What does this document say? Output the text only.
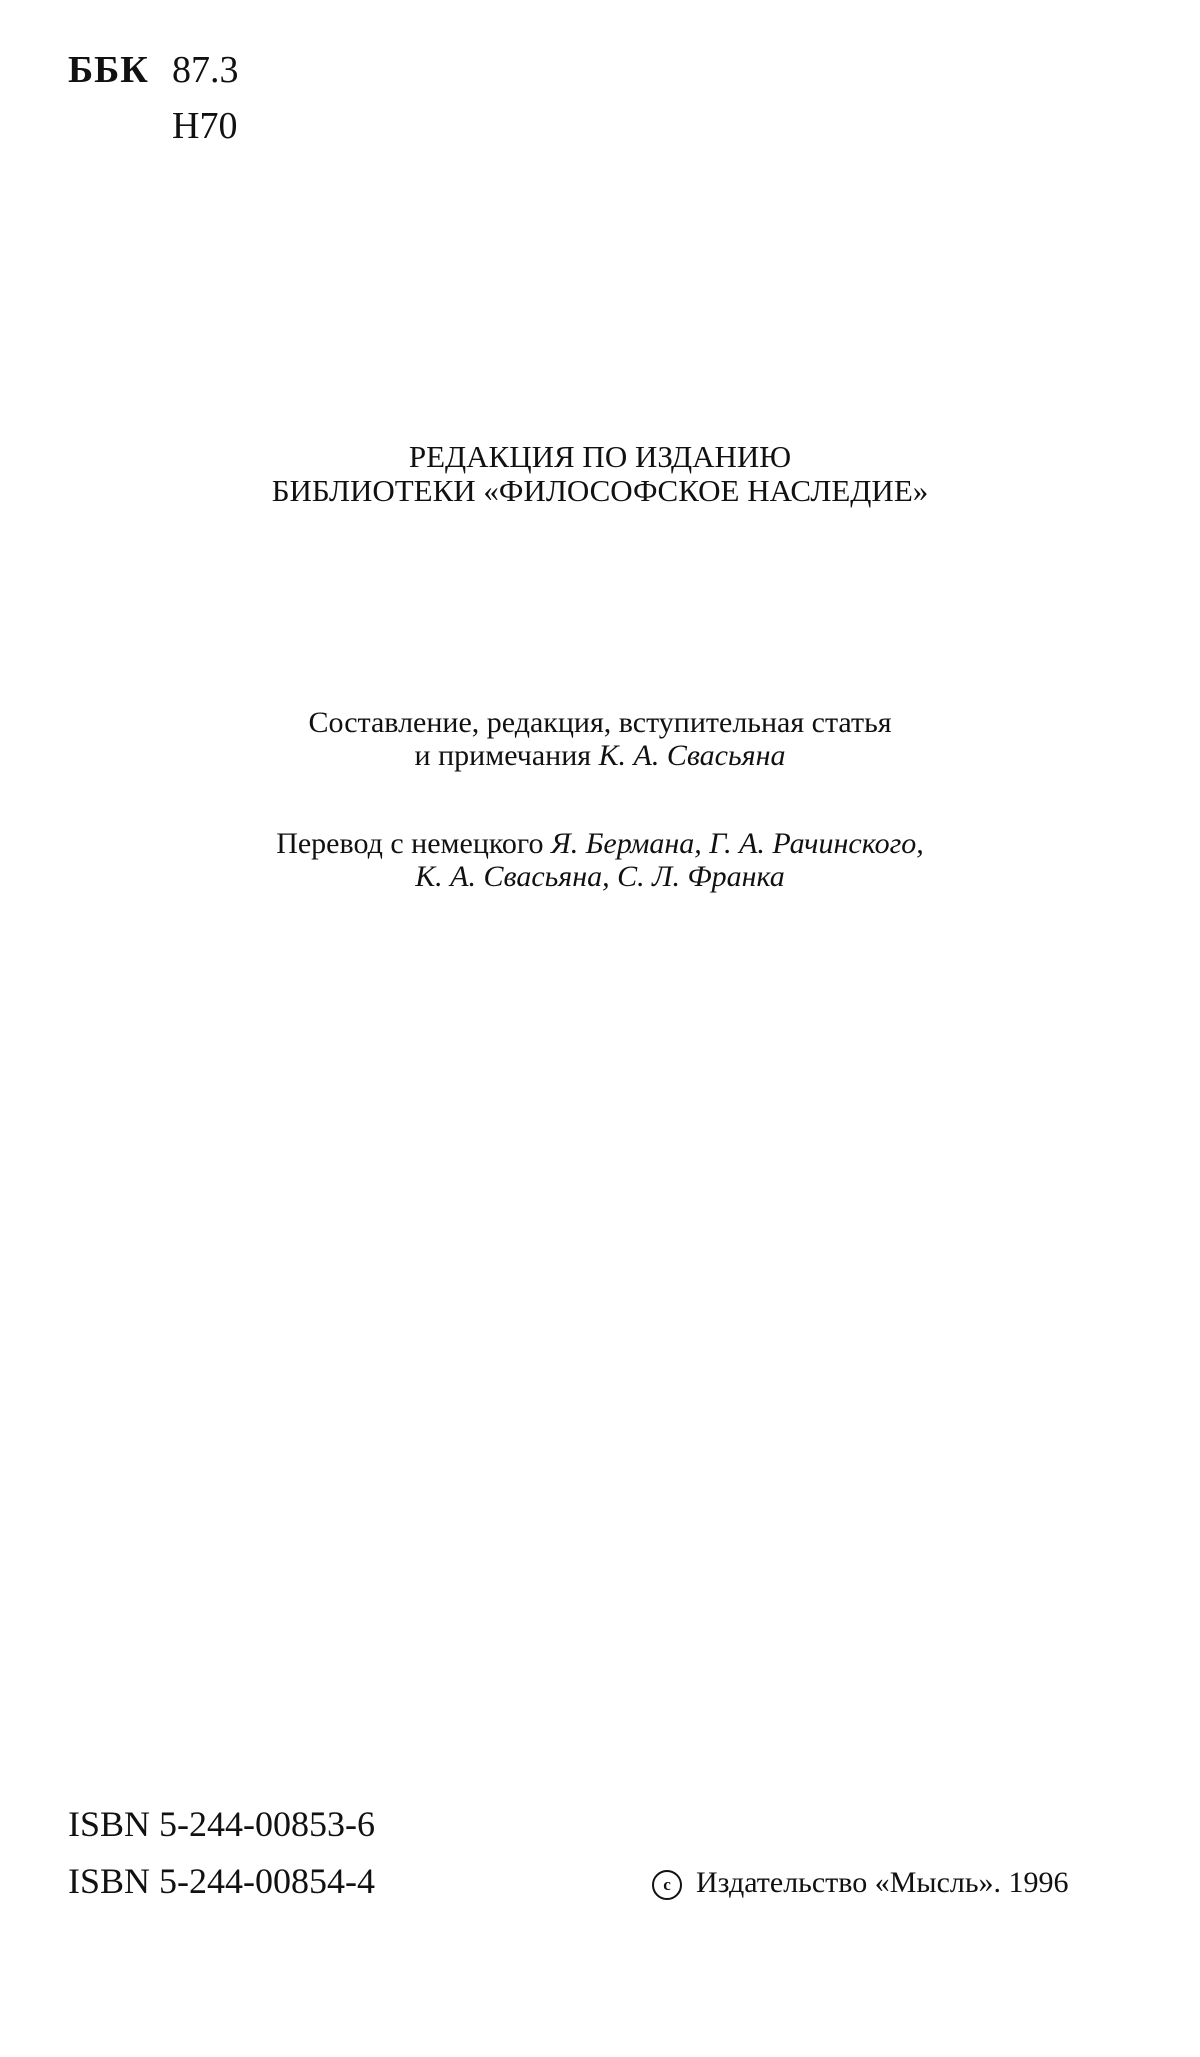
ББК 87.3
Н70
РЕДАКЦИЯ ПО ИЗДАНИЮ
БИБЛИОТЕКИ «ФИЛОСОФСКОЕ НАСЛЕДИЕ»
Составление, редакция, вступительная статья
и примечания К. А. Свасьяна
Перевод с немецкого Я. Бермана, Г. А. Рачинского,
К. А. Свасьяна, С. Л. Франка
ISBN 5-244-00853-6
ISBN 5-244-00854-4	c Издательство «Мысль». 1996
